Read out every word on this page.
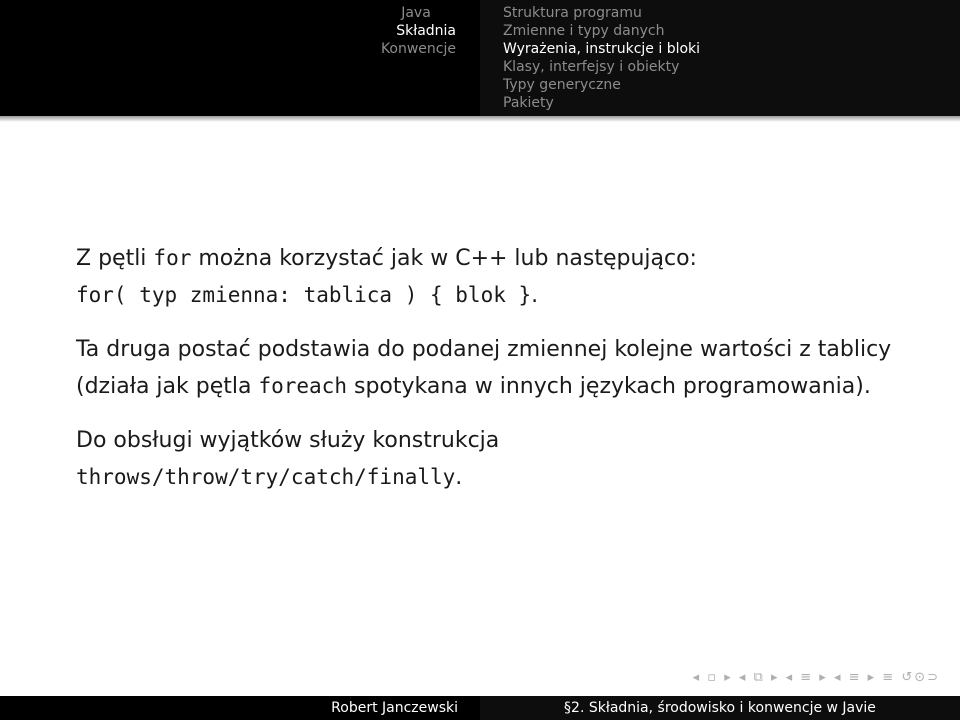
Java
Składnia
Konwencje
Struktura programu
Zmienne i typy danych
Wyrażenia, instrukcje i bloki
Klasy, interfejsy i obiekty
Typy generyczne
Pakiety

Z pętli for można korzystać jak w C++ lub następująco:
for( typ zmienna: tablica ) { blok }.

Ta druga postać podstawia do podanej zmiennej kolejne wartości z tablicy (działa jak pętla foreach spotykana w innych językach programowania).

Do obsługi wyjątków służy konstrukcja
throws/throw/try/catch/finally.

◂ ▫ ▸ ◂ ⧉ ▸ ◂ ≡ ▸ ◂ ≡ ▸ ≡ ↺⊙⊃
Robert Janczewski	§2. Składnia, środowisko i konwencje w Javie
